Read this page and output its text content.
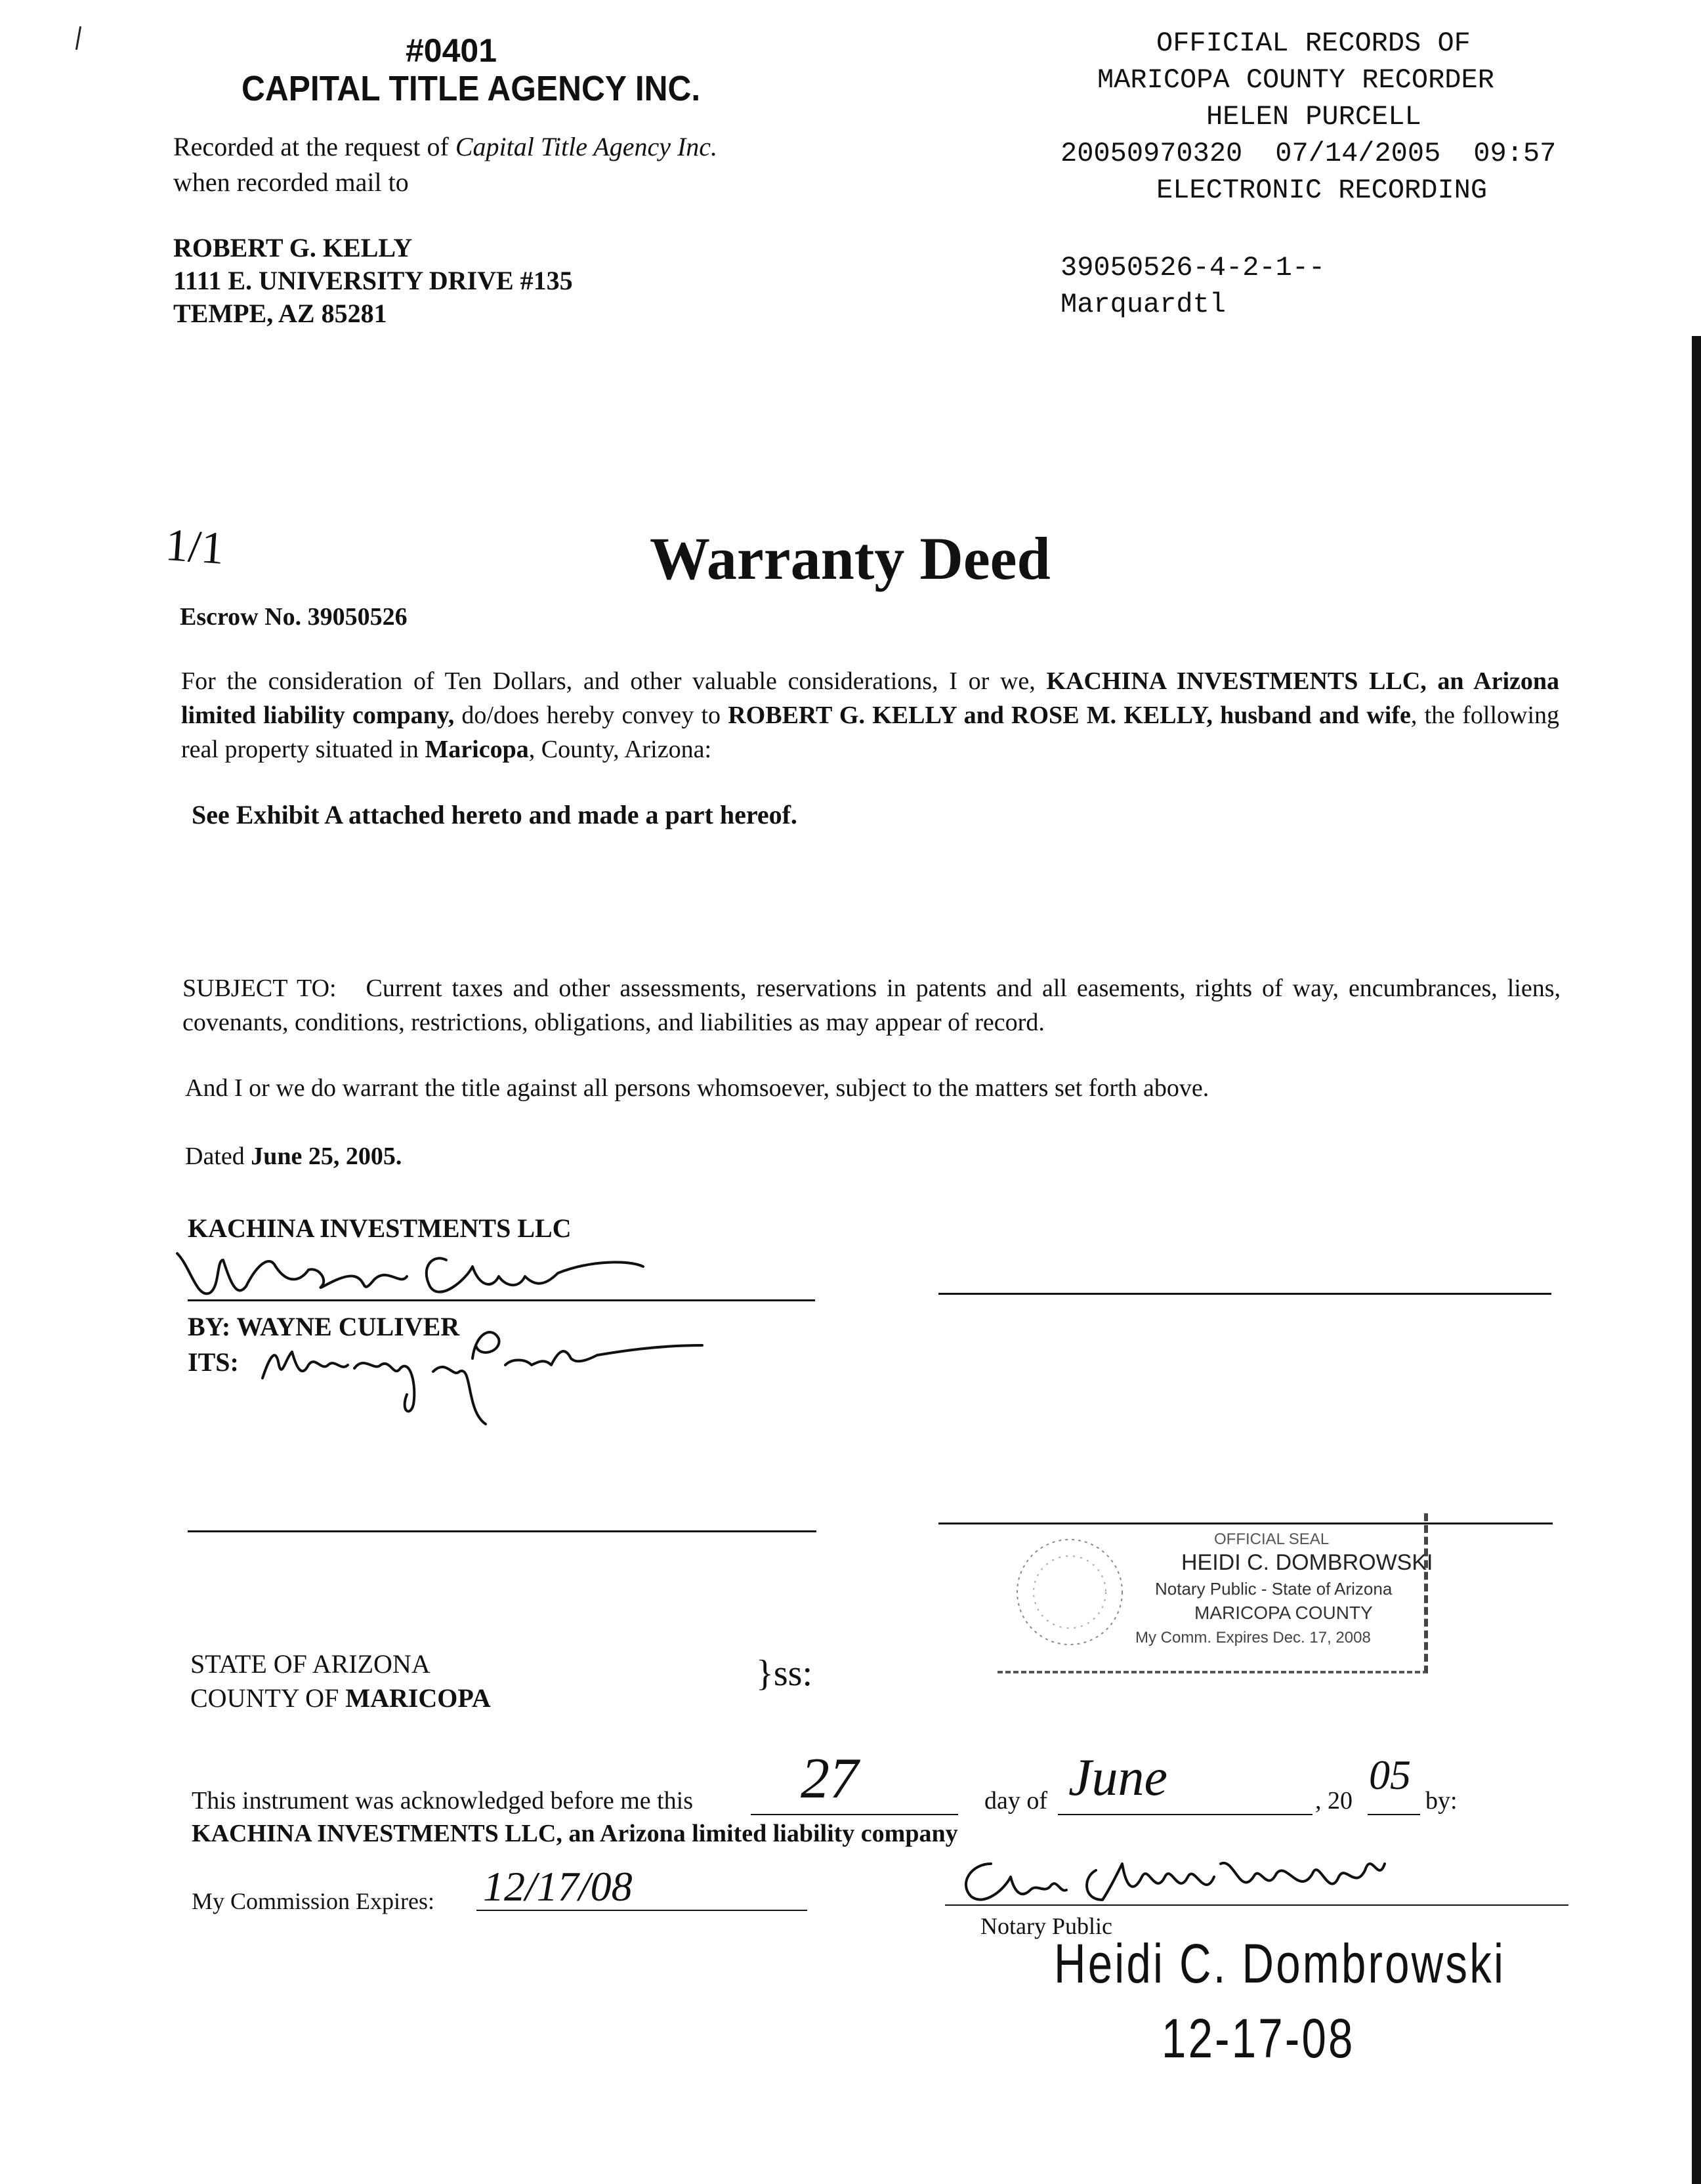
#0401
CAPITAL TITLE AGENCY INC.
Recorded at the request of Capital Title Agency Inc.
when recorded mail to
ROBERT G. KELLY
1111 E. UNIVERSITY DRIVE #135
TEMPE, AZ 85281
OFFICIAL RECORDS OF
MARICOPA COUNTY RECORDER
HELEN PURCELL
20050970320 07/14/2005 09:57
ELECTRONIC RECORDING
39050526-4-2-1--
Marquardtl
1/1	Warranty Deed
Escrow No. 39050526
For the consideration of Ten Dollars, and other valuable considerations, I or we, KACHINA INVESTMENTS LLC, an Arizona limited liability company, do/does hereby convey to ROBERT G. KELLY and ROSE M. KELLY, husband and wife, the following real property situated in Maricopa, County, Arizona:
See Exhibit A attached hereto and made a part hereof.
SUBJECT TO: Current taxes and other assessments, reservations in patents and all easements, rights of way, encumbrances, liens, covenants, conditions, restrictions, obligations, and liabilities as may appear of record.
And I or we do warrant the title against all persons whomsoever, subject to the matters set forth above.
Dated June 25, 2005.
KACHINA INVESTMENTS LLC
BY: WAYNE CULIVER
ITS:
OFFICIAL SEAL
HEIDI C. DOMBROWSKI
Notary Public - State of Arizona
MARICOPA COUNTY
My Comm. Expires Dec. 17, 2008
STATE OF ARIZONA
COUNTY OF MARICOPA
}ss:
This instrument was acknowledged before me this 27	day of June	, 20
05
by:
KACHINA INVESTMENTS LLC, an Arizona limited liability company
My Commission Expires: 12/17/08
Notary Public
Heidi C. Dombrowski
12-17-08
